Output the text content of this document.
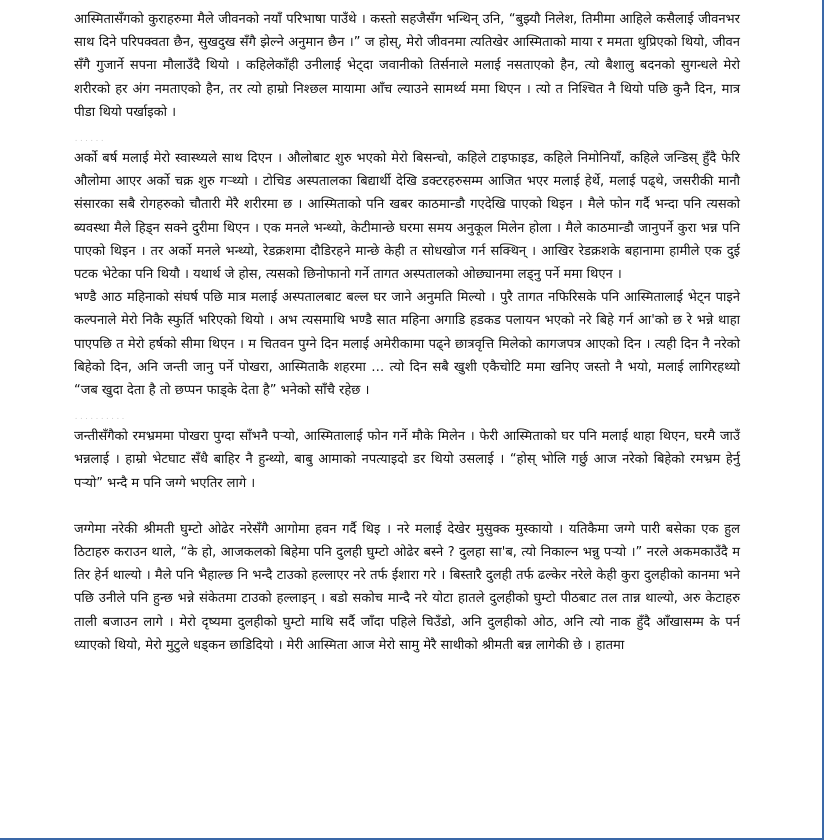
आस्मितासँगको कुराहरुमा मैले जीवनको नयाँ परिभाषा पाउँथे । कस्तो सहजैसँग भन्थिन् उनि, “बुझ्यौ निलेश, तिमीमा आहिले कसैलाई जीवनभर साथ दिने परिपक्वता छैन, सुखदुख सँगै झेल्ने अनुमान छैन ।” ज होस्, मेरो जीवनमा त्यतिखेर आस्मिताको माया र ममता थुप्रिएको थियो, जीवन सँगै गुजार्ने सपना मौलाउँदै थियो । कहिलेकाँही उनीलाई भेट्दा जवानीको तिर्सनाले मलाई नसताएको हैन, त्यो बैशालु बदनको सुगन्धले मेरो शरीरको हर अंग नमताएको हैन, तर त्यो हाम्रो निश्छल मायामा आँच ल्याउने सामर्थ्य ममा थिएन । त्यो त निश्चित नै थियो पछि कुनै दिन, मात्र पीडा थियो पर्खाइको ।

......

अर्को बर्ष मलाई मेरो स्वास्थ्यले साथ दिएन । औलोबाट शुरु भएको मेरो बिसन्चो, कहिले टाइफाइड, कहिले निमोनियाँ, कहिले जन्डिस् हुँदै फेरि औलोमा आएर अर्को चक्र शुरु गर्‍थ्यो । टोचिड अस्पतालका बिद्यार्थी देखि डक्टरहरुसम्म आजित भएर मलाई हेर्थे, मलाई पढ्थे, जसरीकी मानौ संसारका सबै रोगहरुको चौतारी मेरै शरीरमा छ । आस्मिताको पनि खबर काठमान्डौ गएदेखि पाएको थिइन । मैले फोन गर्दै भन्दा पनि त्यसको ब्यवस्था मैले हिड्न सक्ने दुरीमा थिएन । एक मनले भन्थ्यो, केटीमान्छे घरमा समय अनुकूल मिलेन होला । मैले काठमान्डौ जानुपर्ने कुरा भन्न पनि पाएको थिइन । तर अर्को मनले भन्थ्यो, रेडक्रशमा दौडिरहने मान्छे केही त सोधखोज गर्न सक्थिन् । आखिर रेडक्रशके बहानामा हामीले एक दुई पटक भेटेका पनि थियौ । यथार्थ जे होस, त्यसको छिनोफानो गर्ने तागत अस्पतालको ओछ्यानमा लड्नु पर्ने ममा थिएन ।

भण्डै आठ महिनाको संघर्ष पछि मात्र मलाई अस्पतालबाट बल्ल घर जाने अनुमति मिल्यो । पुरै तागत नफिरिसके पनि आस्मितालाई भेट्न पाइने कल्पनाले मेरो निकै स्फुर्ति भरिएको थियो । अभ त्यसमाथि भण्डै सात महिना अगाडि हडकड पलायन भएको नरे बिहे गर्न आ'को छ रे भन्ने थाहा पाएपछि त मेरो हर्षको सीमा थिएन । म चितवन पुग्ने दिन मलाई अमेरीकामा पढ्ने छात्रवृत्ति मिलेको कागजपत्र आएको दिन । त्यही दिन नै नरेको बिहेको दिन, अनि जन्ती जानु पर्ने पोखरा, आस्मिताकै शहरमा … त्यो दिन सबै खुशी एकैचोटि ममा खनिए जस्तो नै भयो, मलाई लागिरहथ्यो “जब खुदा देता है तो छप्पन फाड्के देता है” भनेको साँचै रहेछ ।

..........

जन्तीसँगैको रमभ्रममा पोखरा पुग्दा साँभनै पर्‍यो, आस्मितालाई फोन गर्ने मौके मिलेन । फेरी आस्मिताको घर पनि मलाई थाहा थिएन, घरमै जाउँ भन्नलाई । हाम्रो भेटघाट सँधै बाहिर नै हुन्थ्यो, बाबु आमाको नपत्याइदो डर थियो उसलाई । “होस् भोलि गर्छु आज नरेको बिहेको रमभ्रम हेर्नु पर्‍यो” भन्दै म पनि जग्गे भएतिर लागे ।

जग्गेमा नरेकी श्रीमती घुम्टो ओढेर नरेसँगै आगोमा हवन गर्दै थिइ । नरे मलाई देखेर मुसुक्क मुस्कायो । यतिकैमा जग्गे पारी बसेका एक हुल ठिटाहरु कराउन थाले, “के हो, आजकलको बिहेमा पनि दुलही घुम्टो ओढेर बस्ने ? दुलहा सा'ब, त्यो निकाल्न भन्नु पर्‍यो ।” नरले अकमकाउँदै म तिर हेर्न थाल्यो । मैले पनि भैहाल्छ नि भन्दै टाउको हल्लाएर नरे तर्फ ईशारा गरे । बिस्तारै दुलही तर्फ ढल्केर नरेले केही कुरा दुलहीको कानमा भने पछि उनीले पनि हुन्छ भन्ने संकेतमा टाउको हल्लाइन् । बडो सकोच मान्दै नरे योटा हातले दुलहीको घुम्टो पीठबाट तल तान्न थाल्यो, अरु केटाहरु ताली बजाउन लागे । मेरो दृष्यमा दुलहीको घुम्टो माथि सर्दै जाँदा पहिले चिउँडो, अनि दुलहीको ओठ, अनि त्यो नाक हुँदै आँखासम्म के पर्न ध्याएको थियो, मेरो मुटुले धड्कन छाडिदियो । मेरी आस्मिता आज मेरो सामु मेरै साथीको श्रीमती बन्न लागेकी छे । हातमा
